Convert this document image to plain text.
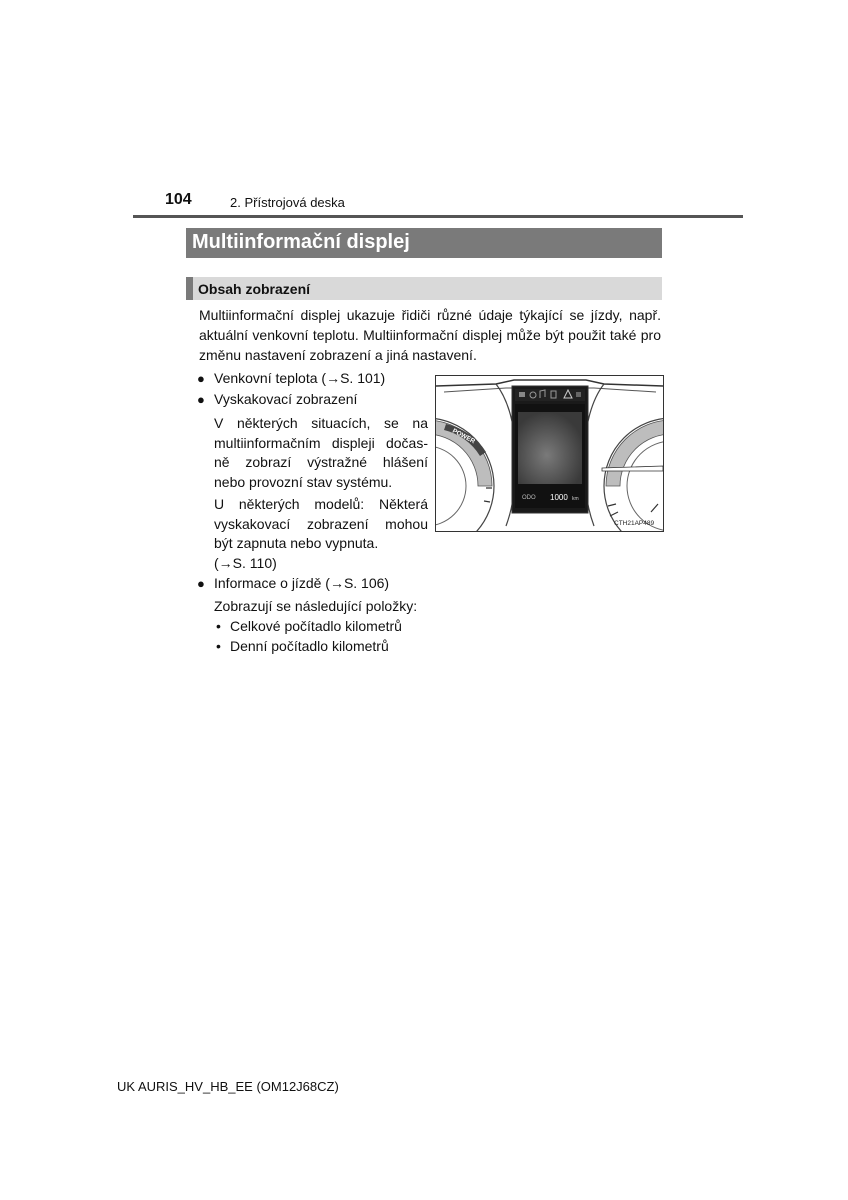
104	2. Přístrojová deska
Multiinformační displej
Obsah zobrazení

Multiinformační displej ukazuje řidiči různé údaje týkající se jízdy, např. aktuální venkovní teplotu. Multiinformační displej může být použit také pro změnu nastavení zobrazení a jiná nastavení.

● Venkovní teplota (→S. 101)
● Vyskakovací zobrazení
V některých situacích, se na
multiinformačním displeji dočas-
ně zobrazí výstražné hlášení
nebo provozní stav systému.
U některých modelů: Některá
vyskakovací zobrazení mohou
být zapnuta nebo vypnuta.
(→S. 110)
● Informace o jízdě (→S. 106)
Zobrazují se následující položky:
• Celkové počítadlo kilometrů
• Denní počítadlo kilometrů
POWER
ODO 1000 km
CTH21AP489
UK AURIS_HV_HB_EE (OM12J68CZ)
